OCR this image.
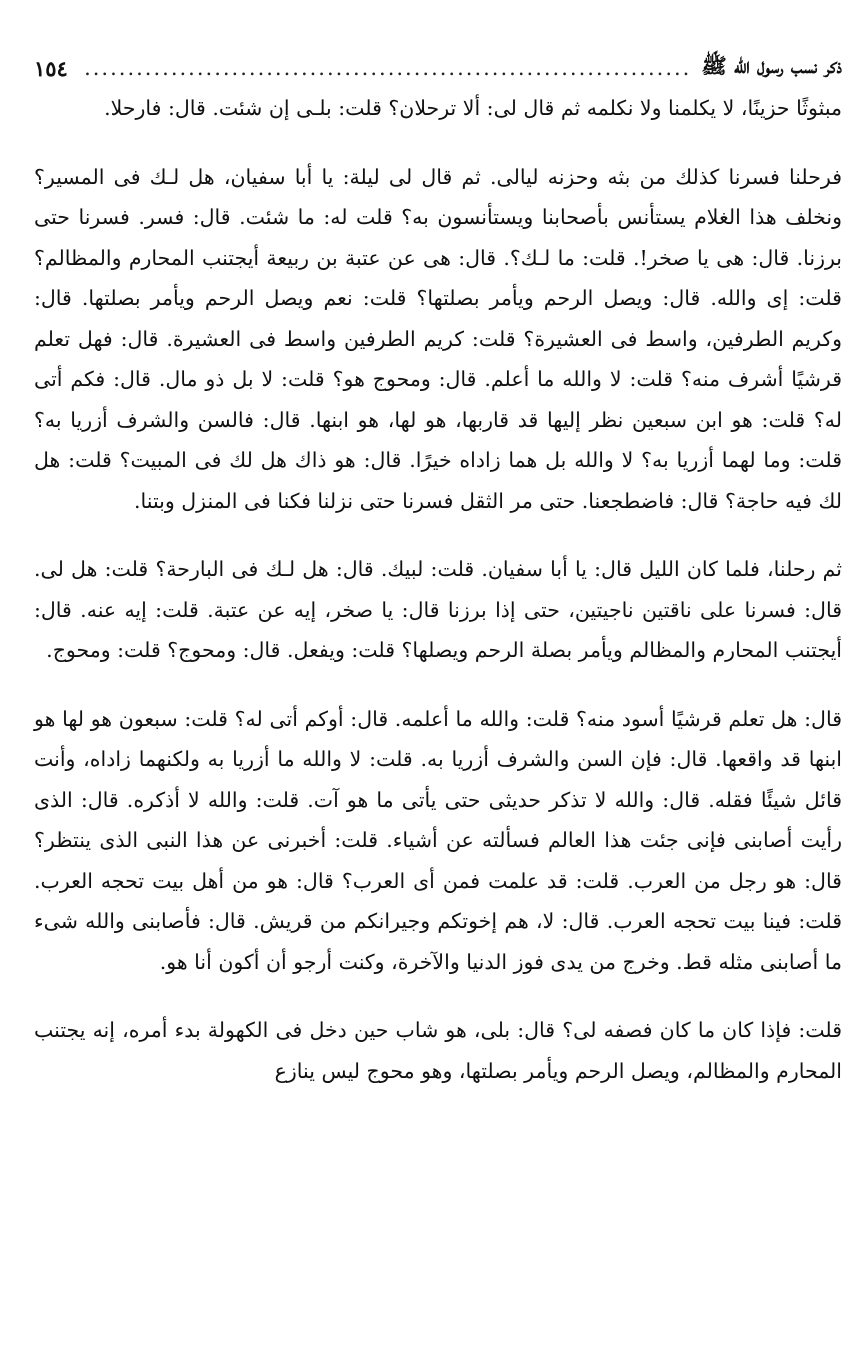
ذكر نسب رسول الله ﷺ
.....
١٥٤

مبثوثًا حزينًا، لا يكلمنا ولا نكلمه ثم قال لى: ألا ترحلان؟ قلت: بلـى إن شئت. قال: فارحلا.

فرحلنا فسرنا كذلك من بثه وحزنه ليالى. ثم قال لى ليلة: يا أبا سفيان، هل لـك فى المسير؟ ونخلف هذا الغلام يستأنس بأصحابنا ويستأنسون به؟ قلت له: ما شئت. قال: فسر. فسرنا حتى برزنا. قال: هى يا صخر!. قلت: ما لـك؟. قال: هى عن عتبة بن ربيعة أيجتنب المحارم والمظالم؟ قلت: إى والله. قال: ويصل الرحم ويأمر بصلتها؟ قلت: نعم ويصل الرحم ويأمر بصلتها. قال: وكريم الطرفين، واسط فى العشيرة؟ قلت: كريم الطرفين واسط فى العشيرة. قال: فهل تعلم قرشيًا أشرف منه؟ قلت: لا والله ما أعلم. قال: ومحوج هو؟ قلت: لا بل ذو مال. قال: فكم أتى له؟ قلت: هو ابن سبعين نظر إليها قد قاربها، هو لها، هو ابنها. قال: فالسن والشرف أزريا به؟ قلت: وما لهما أزريا به؟ لا والله بل هما زاداه خيرًا. قال: هو ذاك هل لك فى المبيت؟ قلت: هل لك فيه حاجة؟ قال: فاضطجعنا. حتى مر الثقل فسرنا حتى نزلنا فكنا فى المنزل وبتنا.

ثم رحلنا، فلما كان الليل قال: يا أبا سفيان. قلت: لبيك. قال: هل لـك فى البارحة؟ قلت: هل لى. قال: فسرنا على ناقتين ناجيتين، حتى إذا برزنا قال: يا صخر، إيه عن عتبة. قلت: إيه عنه. قال: أيجتنب المحارم والمظالم ويأمر بصلة الرحم ويصلها؟ قلت: ويفعل. قال: ومحوج؟ قلت: ومحوج.

قال: هل تعلم قرشيًا أسود منه؟ قلت: والله ما أعلمه. قال: أوكم أتى له؟ قلت: سبعون هو لها هو ابنها قد واقعها. قال: فإن السن والشرف أزريا به. قلت: لا والله ما أزريا به ولكنهما زاداه، وأنت قائل شيئًا فقله. قال: والله لا تذكر حديثى حتى يأتى ما هو آت. قلت: والله لا أذكره. قال: الذى رأيت أصابنى فإنى جئت هذا العالم فسألته عن أشياء. قلت: أخبرنى عن هذا النبى الذى ينتظر؟ قال: هو رجل من العرب. قلت: قد علمت فمن أى العرب؟ قال: هو من أهل بيت تحجه العرب. قلت: فينا بيت تحجه العرب. قال: لا، هم إخوتكم وجيرانكم من قريش. قال: فأصابنى والله شىء ما أصابنى مثله قط. وخرج من يدى فوز الدنيا والآخرة، وكنت أرجو أن أكون أنا هو.

قلت: فإذا كان ما كان فصفه لى؟ قال: بلى، هو شاب حين دخل فى الكهولة بدء أمره، إنه يجتنب المحارم والمظالم، ويصل الرحم ويأمر بصلتها، وهو محوج ليس ينازع
